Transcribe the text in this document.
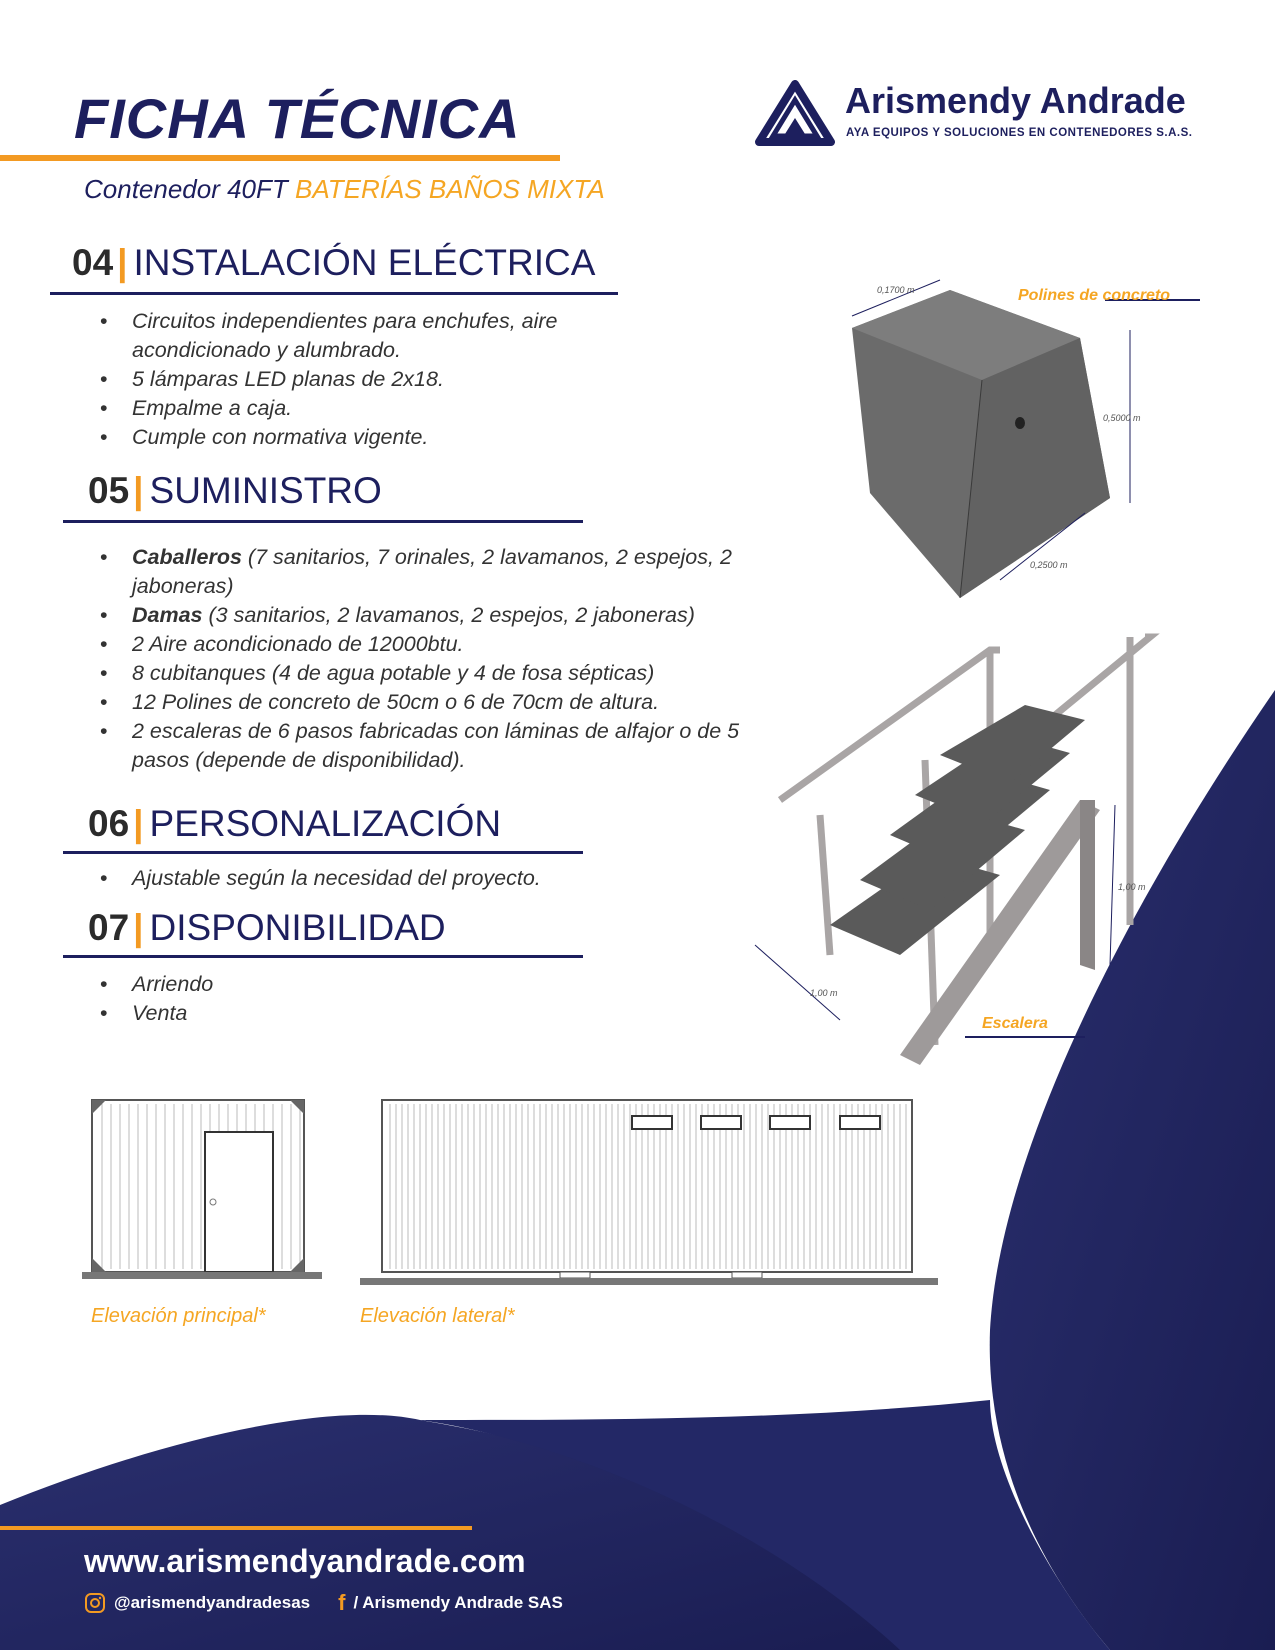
FICHA TÉCNICA
Contenedor 40FT BATERÍAS BAÑOS MIXTA
Arismendy Andrade
AYA EQUIPOS Y SOLUCIONES EN CONTENEDORES S.A.S.
04 | INSTALACIÓN ELÉCTRICA
• Circuitos independientes para enchufes, aire acondicionado y alumbrado.
• 5 lámparas LED planas de 2x18.
• Empalme a caja.
• Cumple con normativa vigente.
05 | SUMINISTRO
• Caballeros (7 sanitarios, 7 orinales, 2 lavamanos, 2 espejos, 2 jaboneras)
• Damas (3 sanitarios, 2 lavamanos, 2 espejos, 2 jaboneras)
• 2 Aire acondicionado de 12000btu.
• 8 cubitanques (4 de agua potable y 4 de fosa sépticas)
• 12 Polines de concreto de 50cm o 6 de 70cm de altura.
• 2 escaleras de 6 pasos fabricadas con láminas de alfajor o de 5 pasos (depende de disponibilidad).
06 | PERSONALIZACIÓN
• Ajustable según la necesidad del proyecto.
07 | DISPONIBILIDAD
• Arriendo
• Venta
0,1700 m
0,5000 m
0,2500 m
Polines de concreto
1,00 m
1,00 m
Escalera
Elevación principal*	Elevación lateral*
www.arismendyandrade.com
@arismendyandradesas f / Arismendy Andrade SAS
